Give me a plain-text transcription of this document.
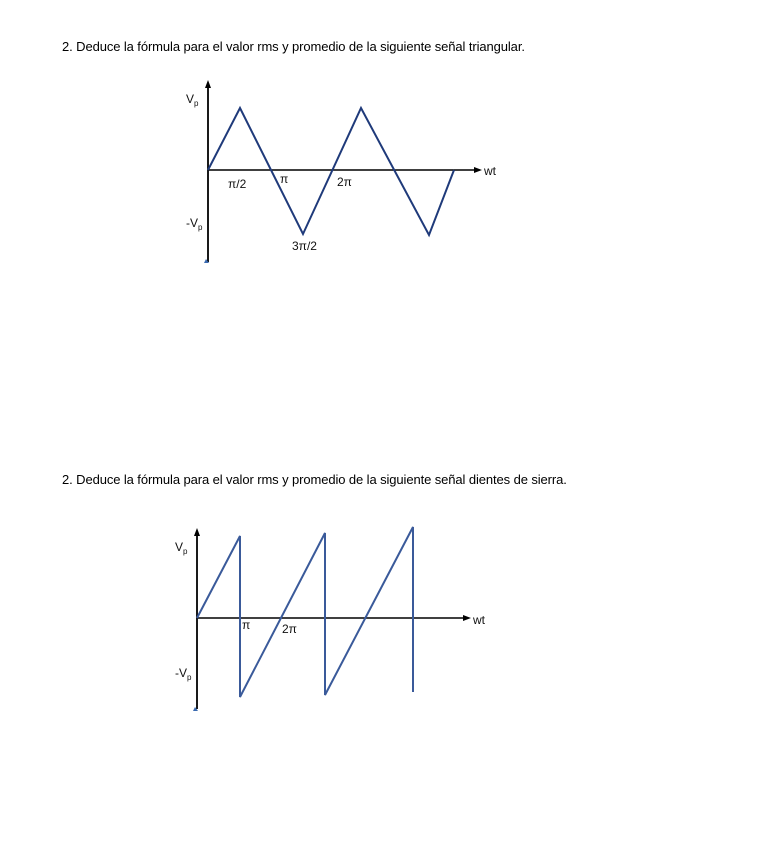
2. Deduce la fórmula para el valor rms y promedio de la siguiente señal triangular.
$V_p$
$-V_p$
wt
π/2	π	2π
3π/2
2. Deduce la fórmula para el valor rms y promedio de la siguiente señal dientes de sierra.
$V_p$
$-V_p$
wt
π	2π
